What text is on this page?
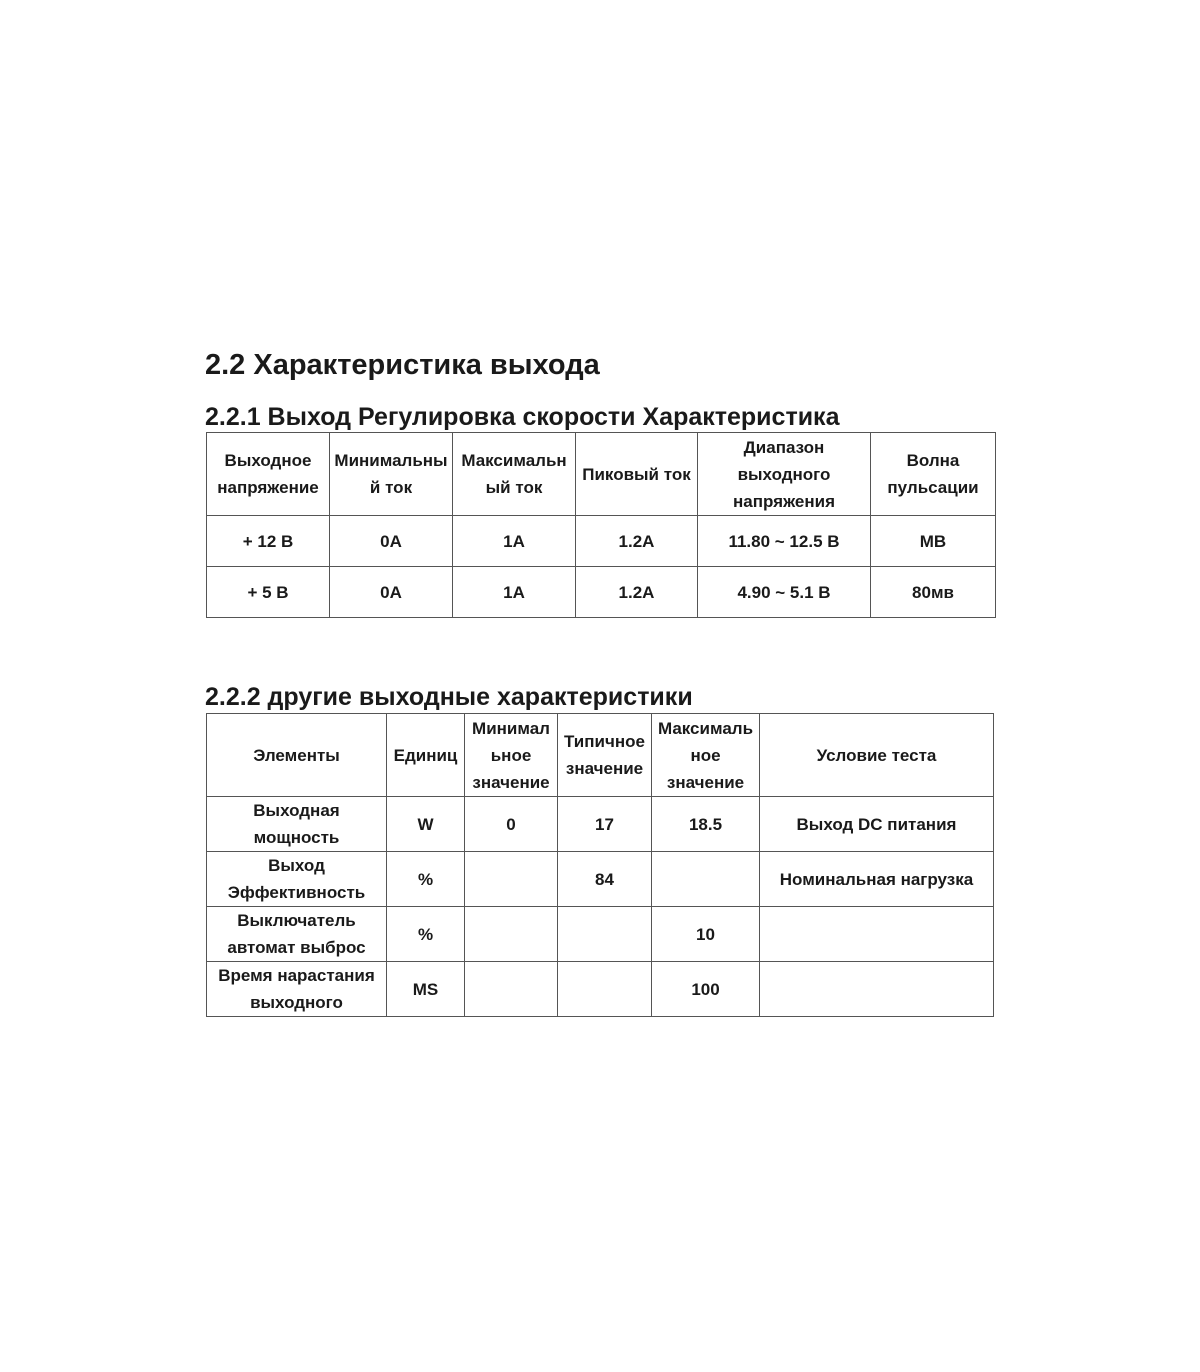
2.2 Характеристика выхода
2.2.1 Выход Регулировка скорости Характеристика
Выходное напряжение	Минимальны й ток	Максимальн ый ток	Пиковый ток	Диапазон выходного напряжения	Волна пульсации
+ 12 В	0А	1А	1.2А	11.80 ~ 12.5 В	МВ
+ 5 В	0А	1А	1.2А	4.90 ~ 5.1 В	80мв
2.2.2 другие выходные характеристики
Элементы	Единиц	Минимал ьное значение	Типичное значение	Максималь ное значение	Условие теста
Выходная мощность	W	0	17	18.5	Выход DC питания
Выход Эффективность	%		84		Номинальная нагрузка
Выключатель автомат выброс	%			10	
Время нарастания выходного	MS			100	
